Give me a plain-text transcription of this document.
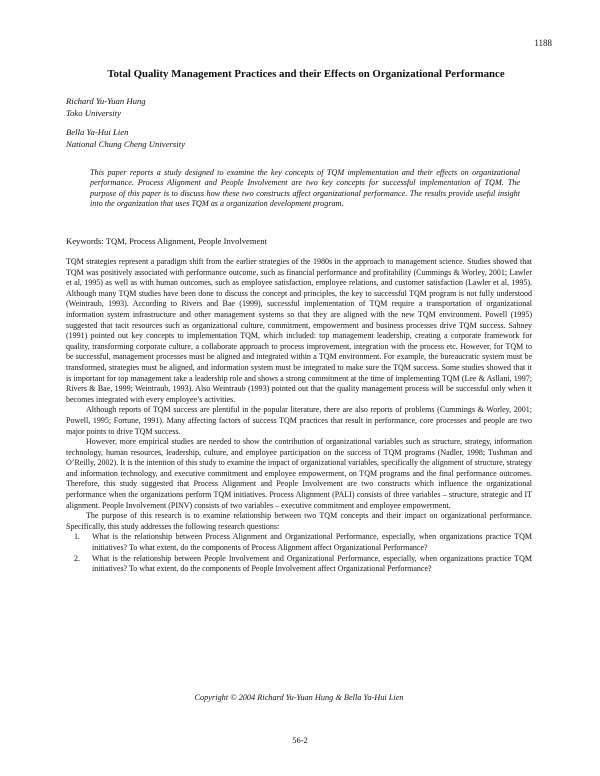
1188
Total Quality Management Practices and their Effects on Organizational Performance
Richard Yu-Yuan Hung
Toko University
Bella Ya-Hui Lien
National Chung Cheng University

This paper reports a study designed to examine the key concepts of TQM implementation and their effects on organizational performance. Process Alignment and People Involvement are two key concepts for successful implementation of TQM. The purpose of this paper is to discuss how these two constructs affect organizational performance. The results provide useful insight into the organization that uses TQM as a organization development program.

Keywords: TQM, Process Alignment, People Involvement

TQM strategies represent a paradigm shift from the earlier strategies of the 1980s in the approach to management science. Studies showed that TQM was positively associated with performance outcome, such as financial performance and profitability (Cummings & Worley, 2001; Lawler et al, 1995) as well as with human outcomes, such as employee satisfaction, employee relations, and customer satisfaction (Lawler et al, 1995). Although many TQM studies have been done to discuss the concept and principles, the key to successful TQM program is not fully understood (Weintraub, 1993). According to Rivers and Bae (1999), successful implementation of TQM require a transportation of organizational information system infrastructure and other management systems so that they are aligned with the new TQM environment. Powell (1995) suggested that tacit resources such as organizational culture, commitment, empowerment and business processes drive TQM success. Sahney (1991) pointed out key concepts to implementation TQM, which included: top management leadership, creating a corporate framework for quality, transforming corporate culture, a collaborate approach to process improvement, integration with the process etc. However, for TQM to be successful, management processes must be aligned and integrated within a TQM environment. For example, the bureaucratic system must be transformed, strategies must be aligned, and information system must be integrated to make sure the TQM success. Some studies showed that it is important for top management take a leadership role and shows a strong commitment at the time of implementing TQM (Lee & Asllani, 1997; Rivers & Bae, 1999; Weintraub, 1993). Also Weintraub (1993) pointed out that the quality management process will be successful only when it becomes integrated with every employee’s activities.

Although reports of TQM success are plentiful in the popular literature, there are also reports of problems (Cummings & Worley, 2001; Powell, 1995; Fortune, 1991). Many affecting factors of success TQM practices that result in performance, core processes and people are two major points to drive TQM success.

However, more empirical studies are needed to show the contribution of organizational variables such as structure, strategy, information technology, human resources, leadership, culture, and employee participation on the success of TQM programs (Nadler, 1998; Tushman and O’Reilly, 2002). It is the intention of this study to examine the impact of organizational variables, specifically the alignment of structure, strategy and information technology, and executive commitment and employee empowerment, on TQM programs and the final performance outcomes. Therefore, this study suggested that Process Alignment and People Involvement are two constructs which influence the organizational performance when the organizations perform TQM initiatives. Process Alignment (PALI) consists of three variables – structure, strategic and IT alignment. People Involvement (PINV) consists of two variables – executive commitment and employee empowerment.

The purpose of this research is to examine relationship between two TQM concepts and their impact on organizational performance. Specifically, this study addresses the following research questions:

1.	What is the relationship between Process Alignment and Organizational Performance, especially, when organizations practice TQM initiatives? To what extent, do the components of Process Alignment affect Organizational Performance?
2.	What is the relationship between People Involvement and Organizational Performance, especially, when organizations practice TQM initiatives? To what extent, do the components of People Involvement affect Organizational Performance?
Copyright © 2004 Richard Yu-Yuan Hung & Bella Ya-Hui Lien
56-2
